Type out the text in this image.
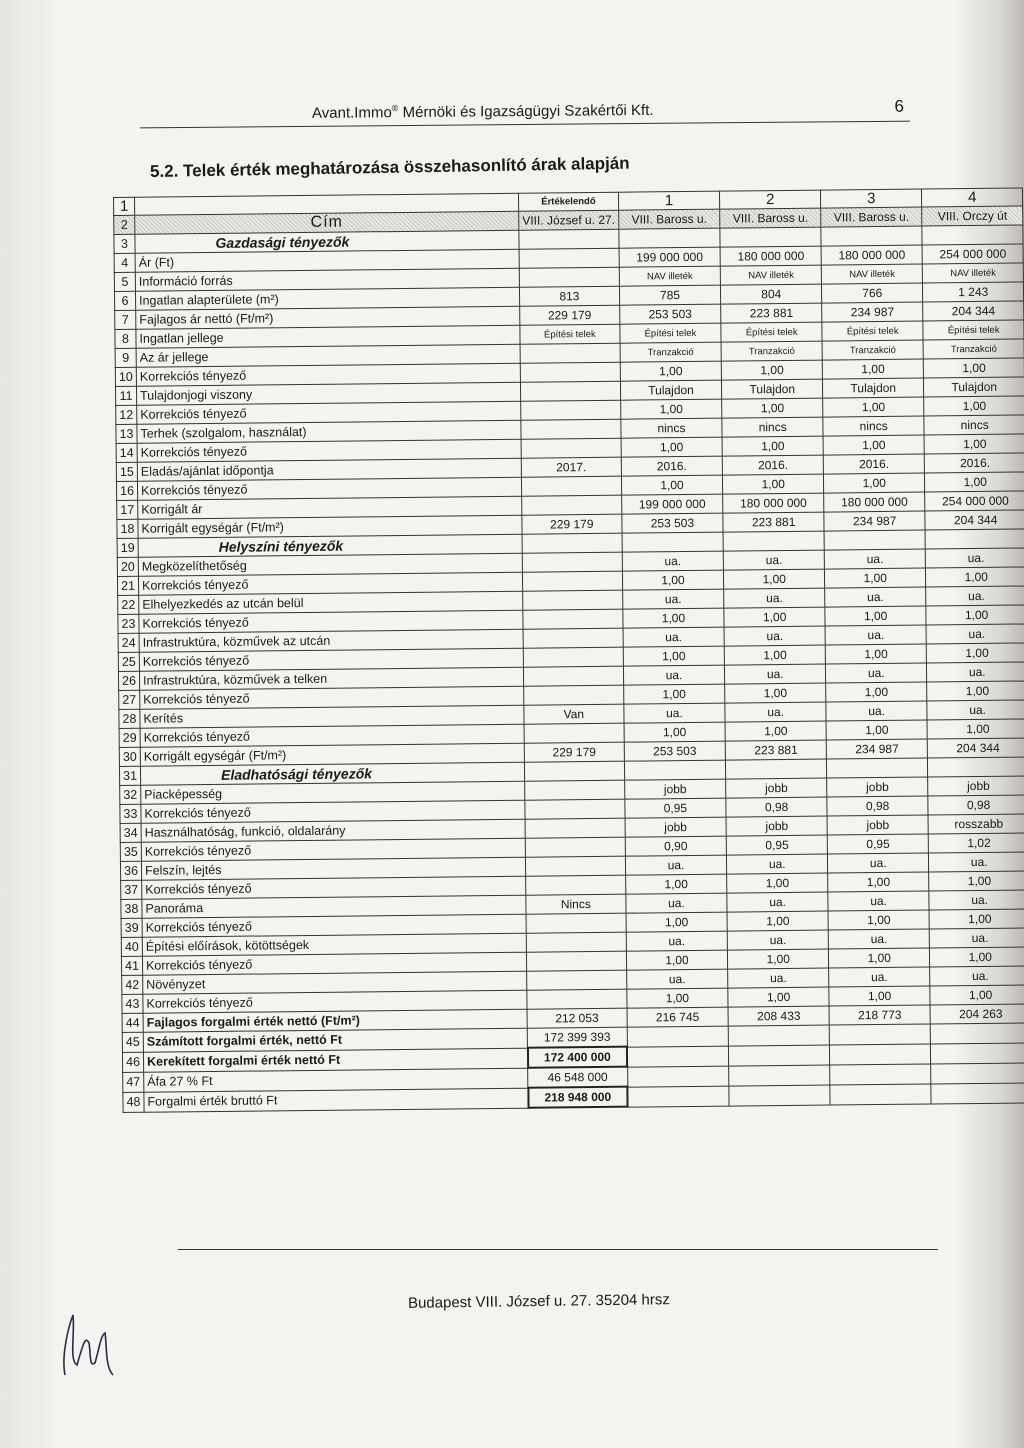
Avant.Immo® Mérnöki és Igazságügyi Szakértői Kft.	6
5.2. Telek érték meghatározása összehasonlító árak alapján
1		Értékelendő	1	2	3	4
2	Cím	VIII. József u. 27.	VIII. Baross u.	VIII. Baross u.	VIII. Baross u.	VIII. Orczy út
3	Gazdasági tényezők					
4	Ár (Ft)		199 000 000	180 000 000	180 000 000	254 000 000
5	Információ forrás		NAV illeték	NAV illeték	NAV illeték	NAV illeték
6	Ingatlan alapterülete (m²)	813	785	804	766	1 243
7	Fajlagos ár nettó (Ft/m²)	229 179	253 503	223 881	234 987	204 344
8	Ingatlan jellege	Építési telek	Építési telek	Építési telek	Építési telek	Építési telek
9	Az ár jellege		Tranzakció	Tranzakció	Tranzakció	Tranzakció
10	Korrekciós tényező		1,00	1,00	1,00	1,00
11	Tulajdonjogi viszony		Tulajdon	Tulajdon	Tulajdon	Tulajdon
12	Korrekciós tényező		1,00	1,00	1,00	1,00
13	Terhek (szolgalom, használat)		nincs	nincs	nincs	nincs
14	Korrekciós tényező		1,00	1,00	1,00	1,00
15	Eladás/ajánlat időpontja	2017.	2016.	2016.	2016.	2016.
16	Korrekciós tényező		1,00	1,00	1,00	1,00
17	Korrigált ár		199 000 000	180 000 000	180 000 000	254 000 000
18	Korrigált egységár (Ft/m²)	229 179	253 503	223 881	234 987	204 344
19	Helyszíni tényezők					
20	Megközelíthetőség		ua.	ua.	ua.	ua.
21	Korrekciós tényező		1,00	1,00	1,00	1,00
22	Elhelyezkedés az utcán belül		ua.	ua.	ua.	ua.
23	Korrekciós tényező		1,00	1,00	1,00	1,00
24	Infrastruktúra, közművek az utcán		ua.	ua.	ua.	ua.
25	Korrekciós tényező		1,00	1,00	1,00	1,00
26	Infrastruktúra, közművek a telken		ua.	ua.	ua.	ua.
27	Korrekciós tényező		1,00	1,00	1,00	1,00
28	Kerítés	Van	ua.	ua.	ua.	ua.
29	Korrekciós tényező		1,00	1,00	1,00	1,00
30	Korrigált egységár (Ft/m²)	229 179	253 503	223 881	234 987	204 344
31	Eladhatósági tényezők					
32	Piacképesség		jobb	jobb	jobb	jobb
33	Korrekciós tényező		0,95	0,98	0,98	0,98
34	Használhatóság, funkció, oldalarány		jobb	jobb	jobb	rosszabb
35	Korrekciós tényező		0,90	0,95	0,95	1,02
36	Felszín, lejtés		ua.	ua.	ua.	ua.
37	Korrekciós tényező		1,00	1,00	1,00	1,00
38	Panoráma	Nincs	ua.	ua.	ua.	ua.
39	Korrekciós tényező		1,00	1,00	1,00	1,00
40	Építési előírások, kötöttségek		ua.	ua.	ua.	ua.
41	Korrekciós tényező		1,00	1,00	1,00	1,00
42	Növényzet		ua.	ua.	ua.	ua.
43	Korrekciós tényező		1,00	1,00	1,00	1,00
44	Fajlagos forgalmi érték nettó (Ft/m²)	212 053	216 745	208 433	218 773	204 263
45	Számított forgalmi érték, nettó Ft	172 399 393				
46	Kerekített forgalmi érték nettó Ft	172 400 000				
47	Áfa 27 % Ft	46 548 000				
48	Forgalmi érték bruttó Ft	218 948 000				
Budapest VIII. József u. 27. 35204 hrsz
